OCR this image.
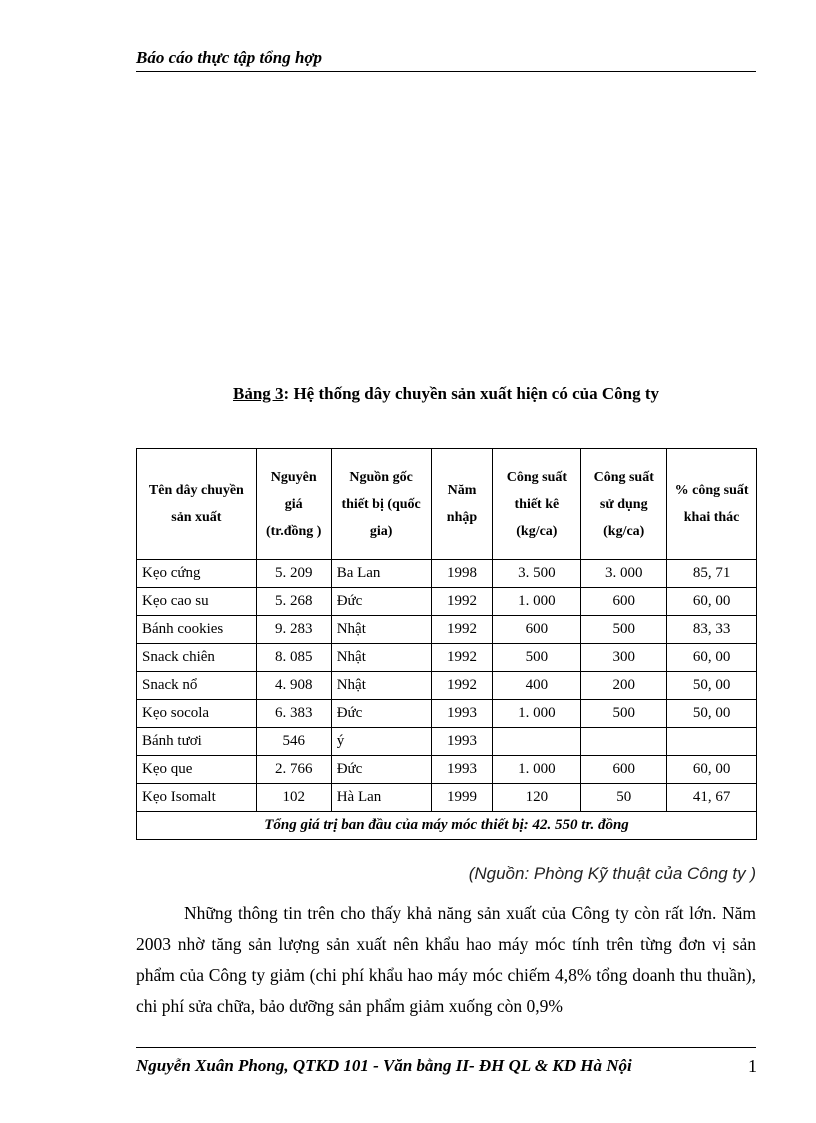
Báo cáo thực tập tổng hợp
Bảng 3: Hệ thống dây chuyền sản xuất hiện có của Công ty
Tên dây chuyền sản xuất	Nguyên giá (tr.đồng )	Nguồn gốc thiết bị (quốc gia)	Năm nhập	Công suất thiết kê (kg/ca)	Công suất sử dụng (kg/ca)	% công suất khai thác
Kẹo cứng	5. 209	Ba Lan	1998	3. 500	3. 000	85, 71
Kẹo cao su	5. 268	Đức	1992	1. 000	600	60, 00
Bánh cookies	9. 283	Nhật	1992	600	500	83, 33
Snack chiên	8. 085	Nhật	1992	500	300	60, 00
Snack nổ	4. 908	Nhật	1992	400	200	50, 00
Kẹo socola	6. 383	Đức	1993	1. 000	500	50, 00
Bánh tươi	546	ý	1993			
Kẹo que	2. 766	Đức	1993	1. 000	600	60, 00
Kẹo Isomalt	102	Hà Lan	1999	120	50	41, 67
Tổng giá trị ban đầu của máy móc thiết bị: 42. 550 tr. đồng						
(Nguồn: Phòng Kỹ thuật của Công ty )

Những thông tin trên cho thấy khả năng sản xuất của Công ty còn rất lớn. Năm 2003 nhờ tăng sản lượng sản xuất nên khẩu hao máy móc tính trên từng đơn vị sản phẩm của Công ty giảm (chi phí khẩu hao máy móc chiếm 4,8% tổng doanh thu thuần), chi phí sửa chữa, bảo dưỡng sản phẩm giảm xuống còn 0,9%

Nguyễn Xuân Phong, QTKD 101 - Văn bằng II- ĐH QL & KD Hà Nội	1
